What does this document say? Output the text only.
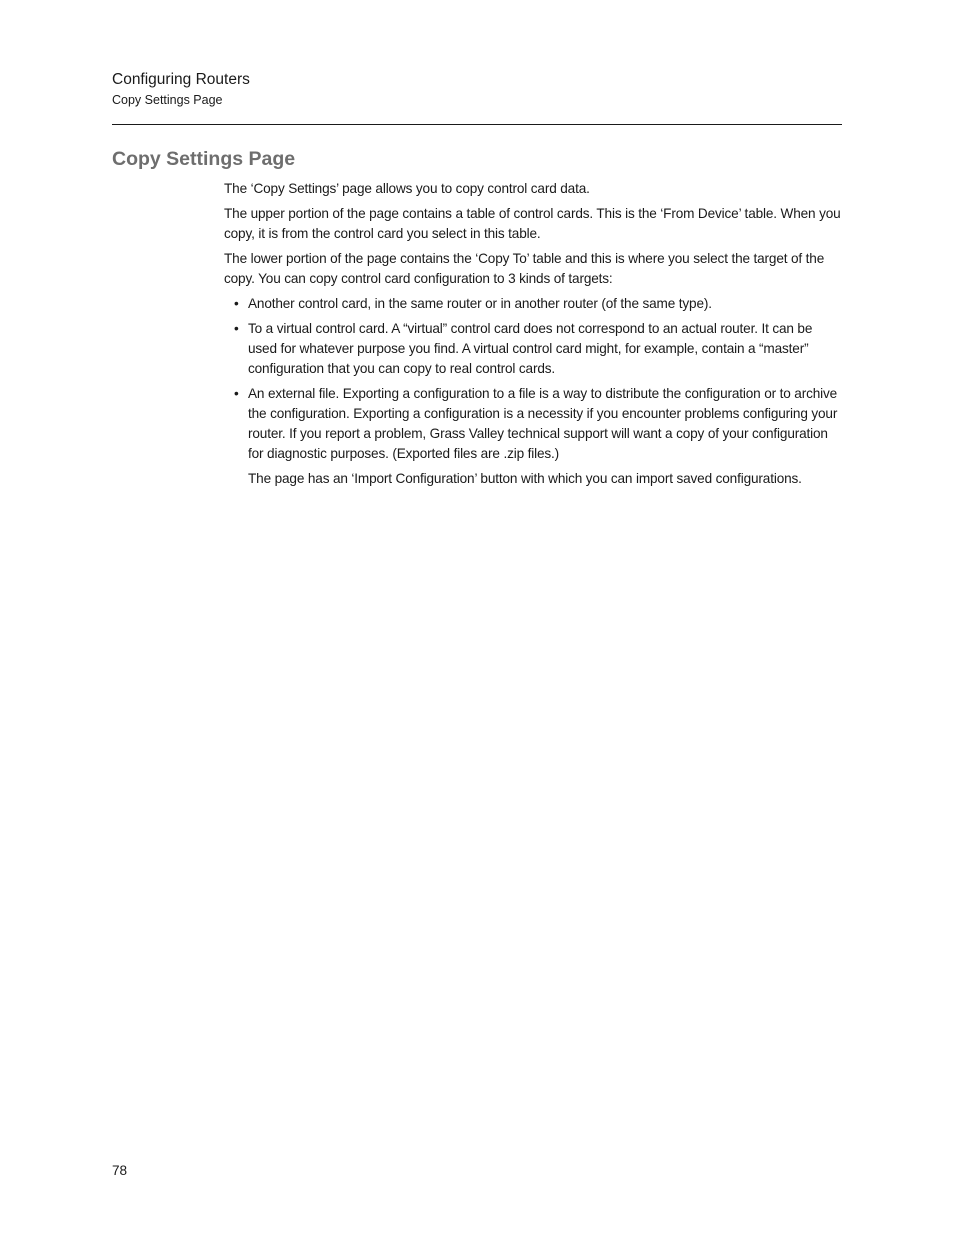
Configuring Routers
Copy Settings Page
Copy Settings Page

The ‘Copy Settings’ page allows you to copy control card data.

The upper portion of the page contains a table of control cards. This is the ‘From Device’ table. When you copy, it is from the control card you select in this table.

The lower portion of the page contains the ‘Copy To’ table and this is where you select the target of the copy. You can copy control card configuration to 3 kinds of targets:

• Another control card, in the same router or in another router (of the same type).
• To a virtual control card. A “virtual” control card does not correspond to an actual router. It can be used for whatever purpose you find. A virtual control card might, for example, contain a “master” configuration that you can copy to real control cards.
• An external file. Exporting a configuration to a file is a way to distribute the configuration or to archive the configuration. Exporting a configuration is a necessity if you encounter problems configuring your router. If you report a problem, Grass Valley technical support will want a copy of your configuration for diagnostic purposes. (Exported files are .zip files.)

The page has an ‘Import Configuration’ button with which you can import saved configurations.

78
